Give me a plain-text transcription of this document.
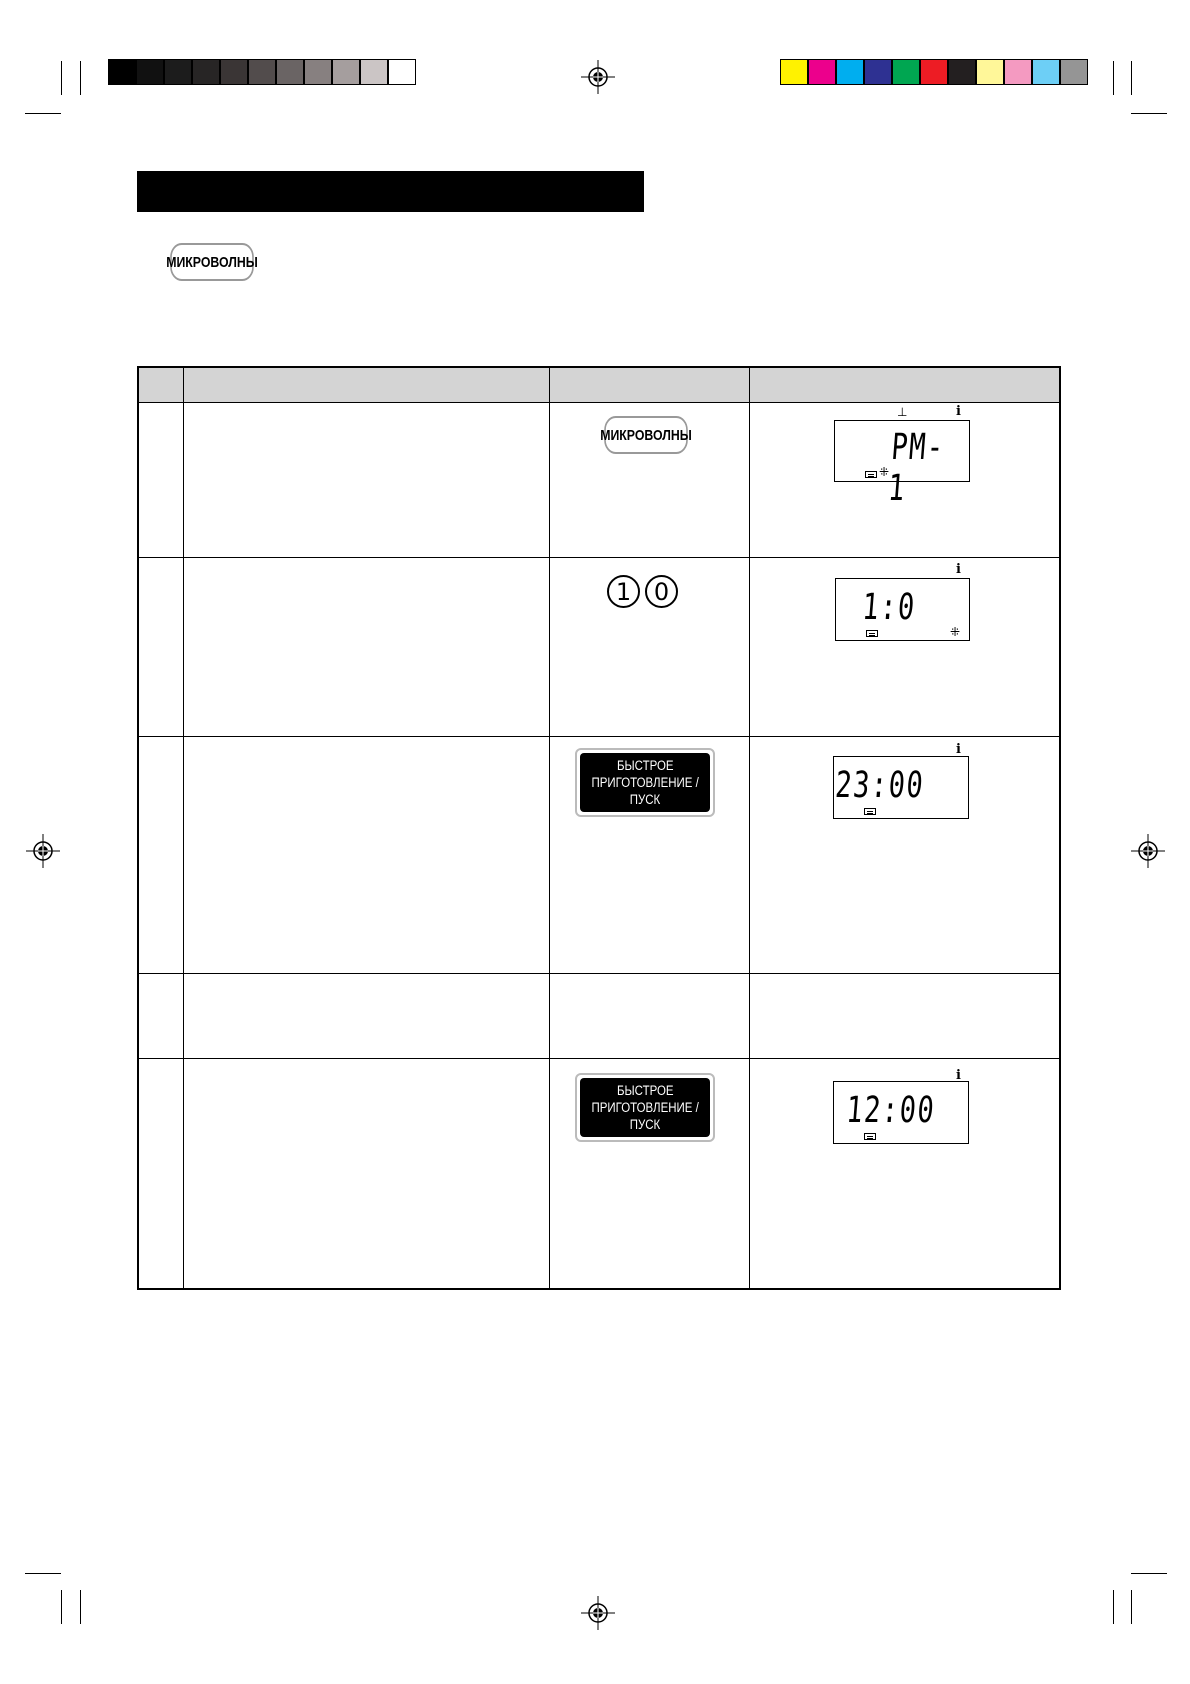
МИКРОВОЛНЫ
МИКРОВОЛНЫ	PM- 1
⁜
⊥	i
1 0	1:0
⁜
i
БЫСТРОЕ
ПРИГОТОВЛЕНИЕ /
ПУСК	23:00
i
БЫСТРОЕ
ПРИГОТОВЛЕНИЕ /
ПУСК	12:00
i
